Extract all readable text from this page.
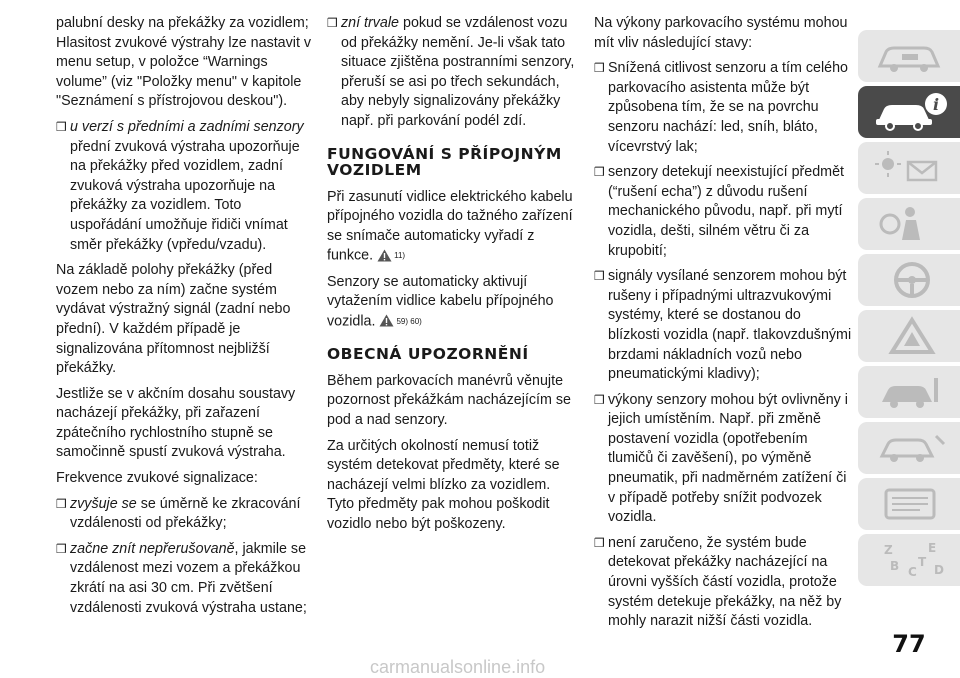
palubní desky na překážky za vozidlem; Hlasitost zvukové výstrahy lze nastavit v menu setup, v položce “Warnings volume” (viz "Položky menu" v kapitole "Seznámení s přístrojovou deskou").

❒ u verzí s předními a zadními senzory
přední zvuková výstraha upozorňuje na překážky před vozidlem, zadní zvuková výstraha upozorňuje na překážky za vozidlem. Toto uspořádání umožňuje řidiči vnímat směr překážky (vpředu/vzadu).

Na základě polohy překážky (před vozem nebo za ním) začne systém vydávat výstražný signál (zadní nebo přední). V každém případě je signalizována přítomnost nejbližší překážky.

Jestliže se v akčním dosahu soustavy nacházejí překážky, při zařazení zpátečního rychlostního stupně se samočinně spustí zvuková výstraha.

Frekvence zvukové signalizace:

❒ zvyšuje se se úměrně ke zkracování vzdálenosti od překážky;
❒ začne znít nepřerušovaně, jakmile se vzdálenost mezi vozem a překážkou zkrátí na asi 30 cm. Při zvětšení vzdálenosti zvuková výstraha ustane;
❒ zní trvale pokud se vzdálenost vozu od překážky nemění. Je-li však tato situace zjištěna postranními senzory, přeruší se asi po třech sekundách, aby nebyly signalizovány překážky např. při parkování podél zdí.
FUNGOVÁNÍ S PŘÍPOJNÝM VOZIDLEM

Při zasunutí vidlice elektrického kabelu přípojného vozidla do tažného zařízení se snímače automaticky vyřadí z funkce.	11)

Senzory se automaticky aktivují vytažením vidlice kabelu přípojného vozidla.	59) 60)

OBECNÁ UPOZORNĚNÍ

Během parkovacích manévrů věnujte pozornost překážkám nacházejícím se pod a nad senzory.

Za určitých okolností nemusí totiž systém detekovat předměty, které se nacházejí velmi blízko za vozidlem. Tyto předměty pak mohou poškodit vozidlo nebo být poškozeny.

Na výkony parkovacího systému mohou mít vliv následující stavy:

❒ Snížená citlivost senzoru a tím celého parkovacího asistenta může být způsobena tím, že se na povrchu senzoru nachází: led, sníh, bláto, vícevrstvý lak;
❒ senzory detekují neexistující předmět (“rušení echa”) z důvodu rušení mechanického původu, např. při mytí vozidla, dešti, silném větru či za krupobití;
❒ signály vysílané senzorem mohou být rušeny i případnými ultrazvukovými systémy, které se dostanou do blízkosti vozidla (např. tlakovzdušnými brzdami nákladních vozů nebo pneumatickými kladivy);
❒ výkony senzory mohou být ovlivněny i jejich umístěním. Např. při změně postavení vozidla (opotřebením tlumičů či zavěšení), po výměně pneumatik, při nadměrném zatížení či v případě potřeby snížit podvozek vozidla.
❒ není zaručeno, že systém bude detekovat překážky nacházející na úrovni vyšších částí vozidla, protože systém detekuje překážky, na něž by mohly narazit nižší části vozidla.
i
Z	E
B C
T
D
77
carmanualsonline.info
